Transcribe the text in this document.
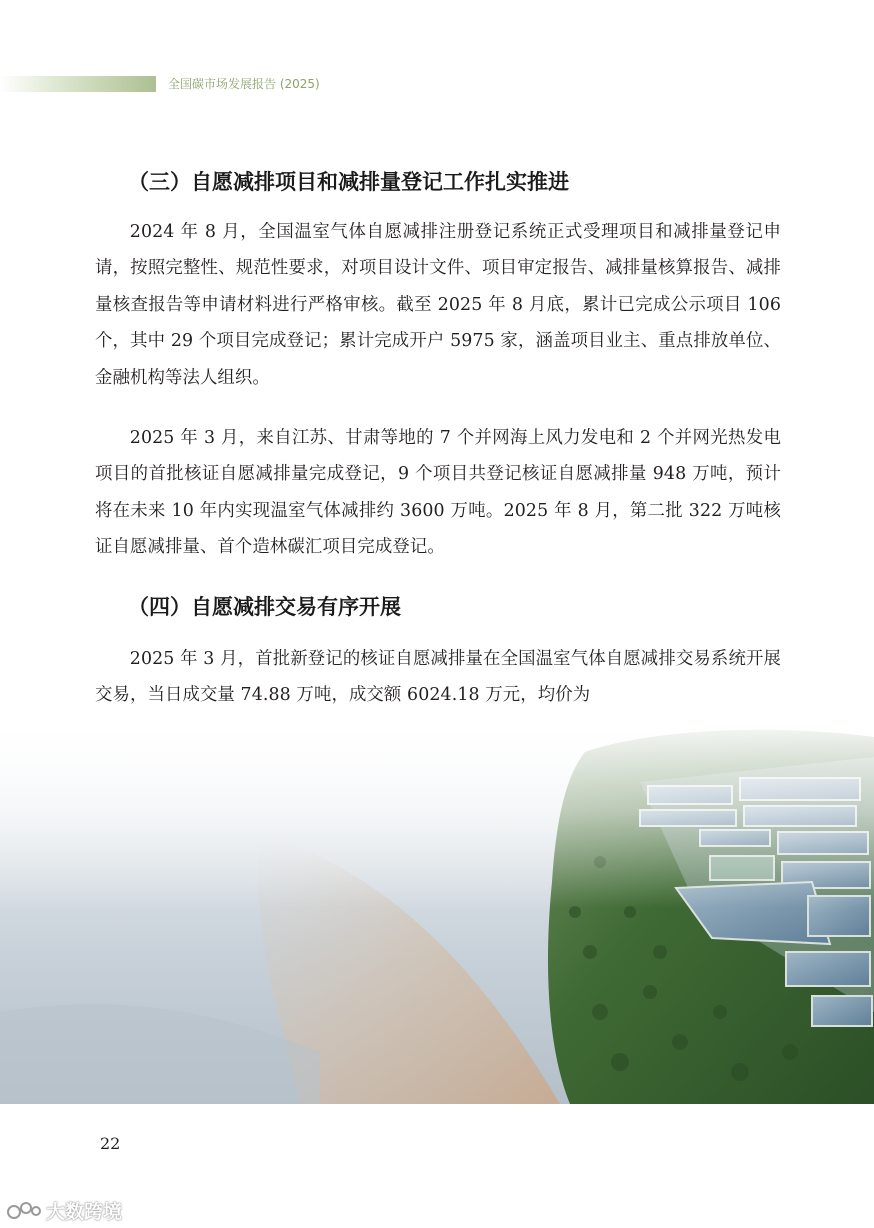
全国碳市场发展报告 (2025)
（三）自愿减排项目和减排量登记工作扎实推进

2024 年 8 月，全国温室气体自愿减排注册登记系统正式受理项目和减排量登记申请，按照完整性、规范性要求，对项目设计文件、项目审定报告、减排量核算报告、减排量核查报告等申请材料进行严格审核。截至 2025 年 8 月底，累计已完成公示项目 106 个，其中 29 个项目完成登记；累计完成开户 5975 家，涵盖项目业主、重点排放单位、金融机构等法人组织。

2025 年 3 月，来自江苏、甘肃等地的 7 个并网海上风力发电和 2 个并网光热发电项目的首批核证自愿减排量完成登记，9 个项目共登记核证自愿减排量 948 万吨，预计将在未来 10 年内实现温室气体减排约 3600 万吨。2025 年 8 月，第二批 322 万吨核证自愿减排量、首个造林碳汇项目完成登记。

（四）自愿减排交易有序开展

2025 年 3 月，首批新登记的核证自愿减排量在全国温室气体自愿减排交易系统开展交易，当日成交量 74.88 万吨，成交额 6024.18 万元，均价为

22
大数跨境
